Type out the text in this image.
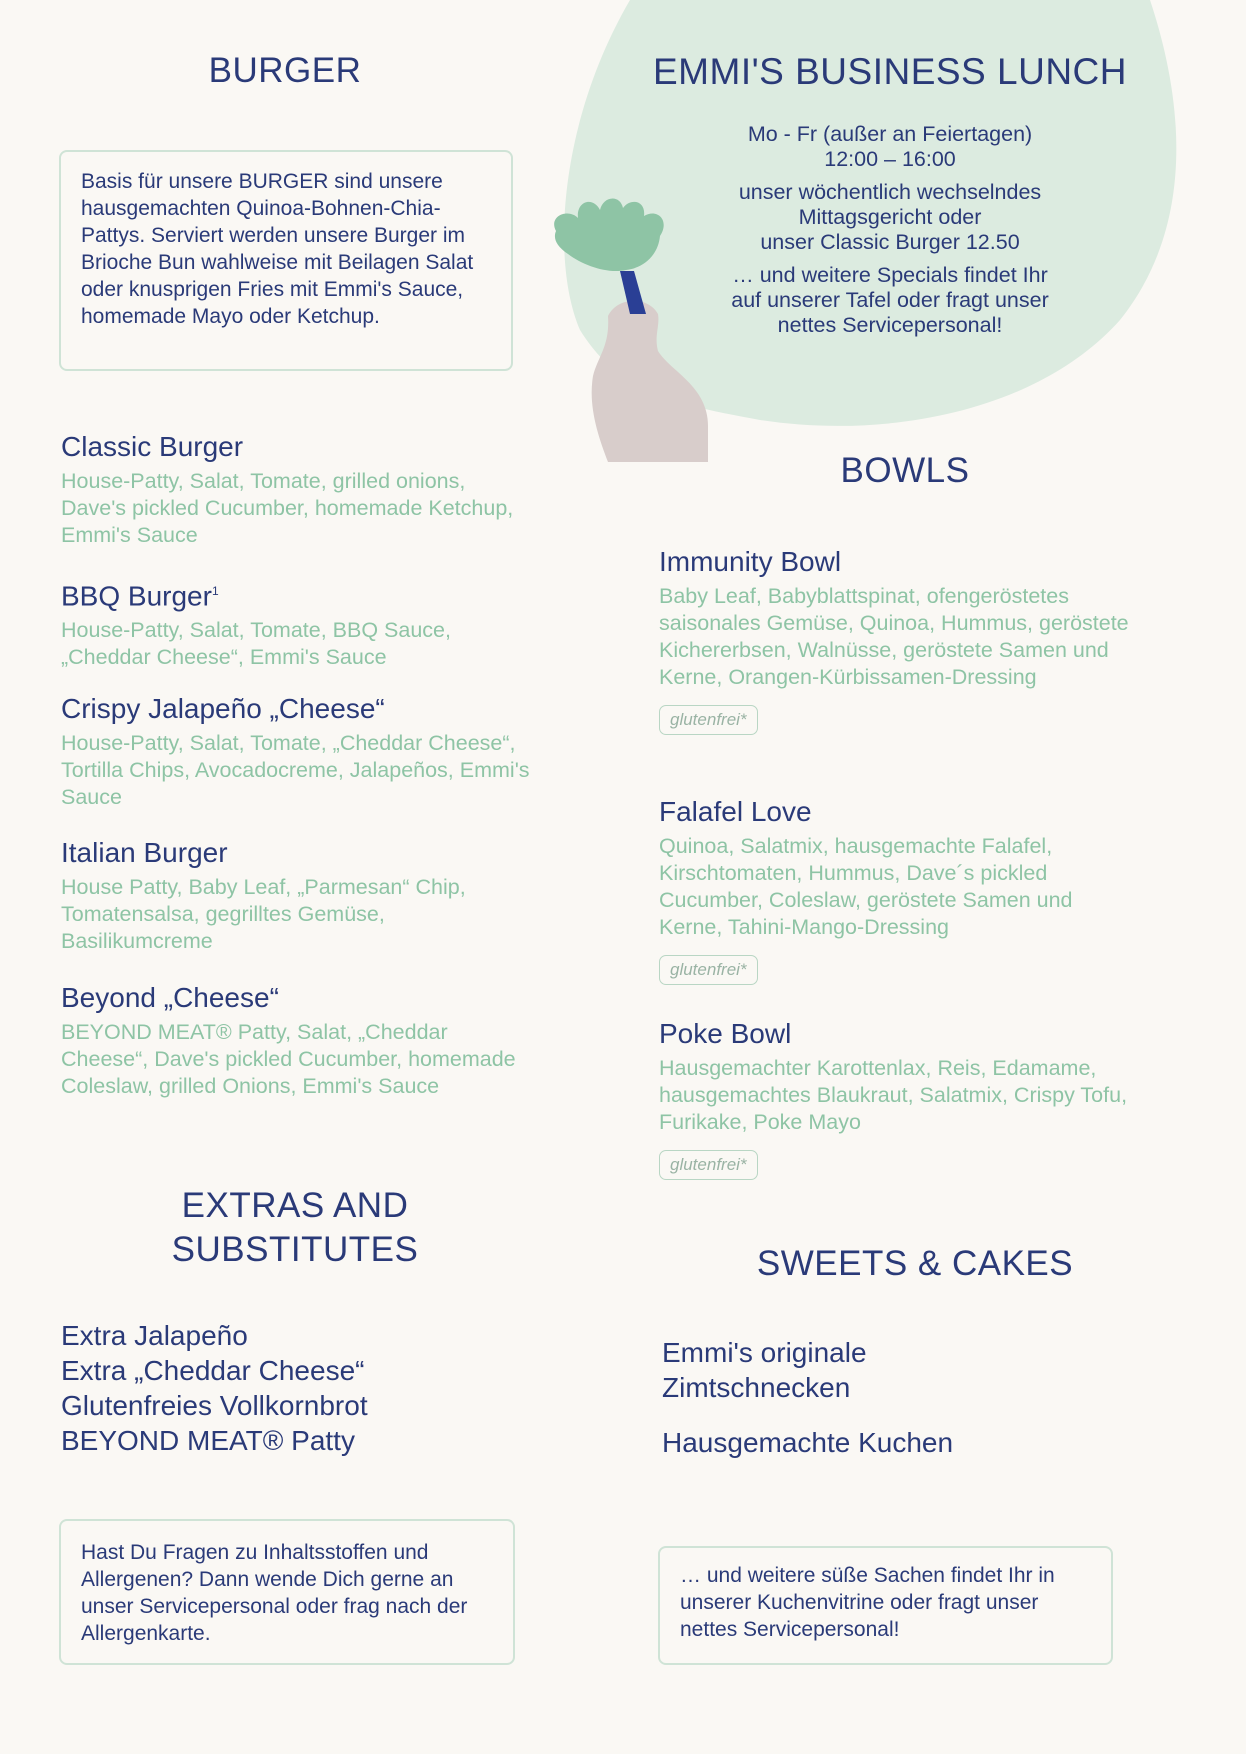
BURGER

Basis für unsere BURGER sind unsere hausgemachten Quinoa-Bohnen-Chia-Pattys. Serviert werden unsere Burger im Brioche Bun wahlweise mit Beilagen Salat oder knusprigen Fries mit Emmi's Sauce, homemade Mayo oder Ketchup.

Classic Burger

House-Patty, Salat, Tomate, grilled onions, Dave's pickled Cucumber, homemade Ketchup, Emmi's Sauce

BBQ Burger$^1$

House-Patty, Salat, Tomate, BBQ Sauce, „Cheddar Cheese“, Emmi's Sauce

Crispy Jalapeño „Cheese“

House-Patty, Salat, Tomate, „Cheddar Cheese“, Tortilla Chips, Avocadocreme, Jalapeños, Emmi's Sauce

Italian Burger

House Patty, Baby Leaf, „Parmesan“ Chip, Tomatensalsa, gegrilltes Gemüse, Basilikumcreme

Beyond „Cheese“

BEYOND MEAT® Patty, Salat, „Cheddar Cheese“, Dave's pickled Cucumber, homemade Coleslaw, grilled Onions, Emmi's Sauce

EXTRAS AND
SUBSTITUTES
Extra Jalapeño
Extra „Cheddar Cheese“
Glutenfreies Vollkornbrot
BEYOND MEAT® Patty

Hast Du Fragen zu Inhaltsstoffen und Allergenen? Dann wende Dich gerne an unser Servicepersonal oder frag nach der Allergenkarte.

EMMI'S BUSINESS LUNCH
Mo - Fr (außer an Feiertagen)
12:00 – 16:00
unser wöchentlich wechselndes
Mittagsgericht oder
unser Classic Burger 12.50
… und weitere Specials findet Ihr
auf unserer Tafel oder fragt unser
nettes Servicepersonal!
BOWLS

Immunity Bowl

Baby Leaf, Babyblattspinat, ofengeröstetes saisonales Gemüse, Quinoa, Hummus, geröstete Kichererbsen, Walnüsse, geröstete Samen und Kerne, Orangen-Kürbissamen-Dressing

glutenfrei*

Falafel Love

Quinoa, Salatmix, hausgemachte Falafel, Kirschtomaten, Hummus, Dave´s pickled Cucumber, Coleslaw, geröstete Samen und Kerne, Tahini-Mango-Dressing

glutenfrei*

Poke Bowl

Hausgemachter Karottenlax, Reis, Edamame, hausgemachtes Blaukraut, Salatmix, Crispy Tofu, Furikake, Poke Mayo

glutenfrei*
SWEETS & CAKES
Emmi's originale
Zimtschnecken
Hausgemachte Kuchen

… und weitere süße Sachen findet Ihr in unserer Kuchenvitrine oder fragt unser nettes Servicepersonal!
